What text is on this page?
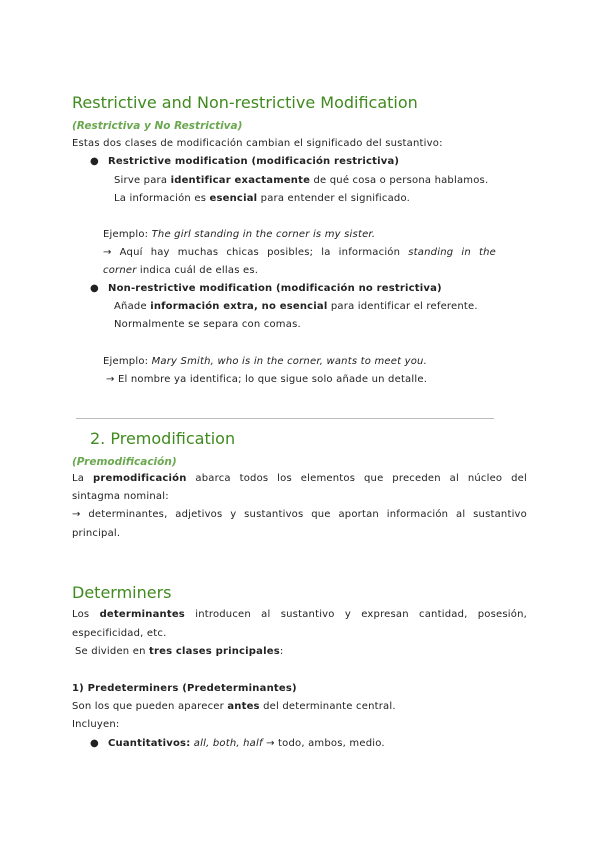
Restrictive and Non-restrictive Modification
(Restrictiva y No Restrictiva)
Estas dos clases de modificación cambian el significado del sustantivo:
● Restrictive modification (modificación restrictiva)
Sirve para identificar exactamente de qué cosa o persona hablamos.
La información es esencial para entender el significado.
Ejemplo: The girl standing in the corner is my sister.
→ Aquí hay muchas chicas posibles; la información standing in the
corner indica cuál de ellas es.
● Non-restrictive modification (modificación no restrictiva)
Añade información extra, no esencial para identificar el referente.
Normalmente se separa con comas.
Ejemplo: Mary Smith, who is in the corner, wants to meet you.
→ El nombre ya identifica; lo que sigue solo añade un detalle.
2. Premodification
(Premodificación)
La premodificación abarca todos los elementos que preceden al núcleo del
sintagma nominal:
→ determinantes, adjetivos y sustantivos que aportan información al sustantivo
principal.
Determiners
Los determinantes introducen al sustantivo y expresan cantidad, posesión,
especificidad, etc.
Se dividen en tres clases principales:
1) Predeterminers (Predeterminantes)
Son los que pueden aparecer antes del determinante central.
Incluyen:
● Cuantitativos: all, both, half → todo, ambos, medio.
